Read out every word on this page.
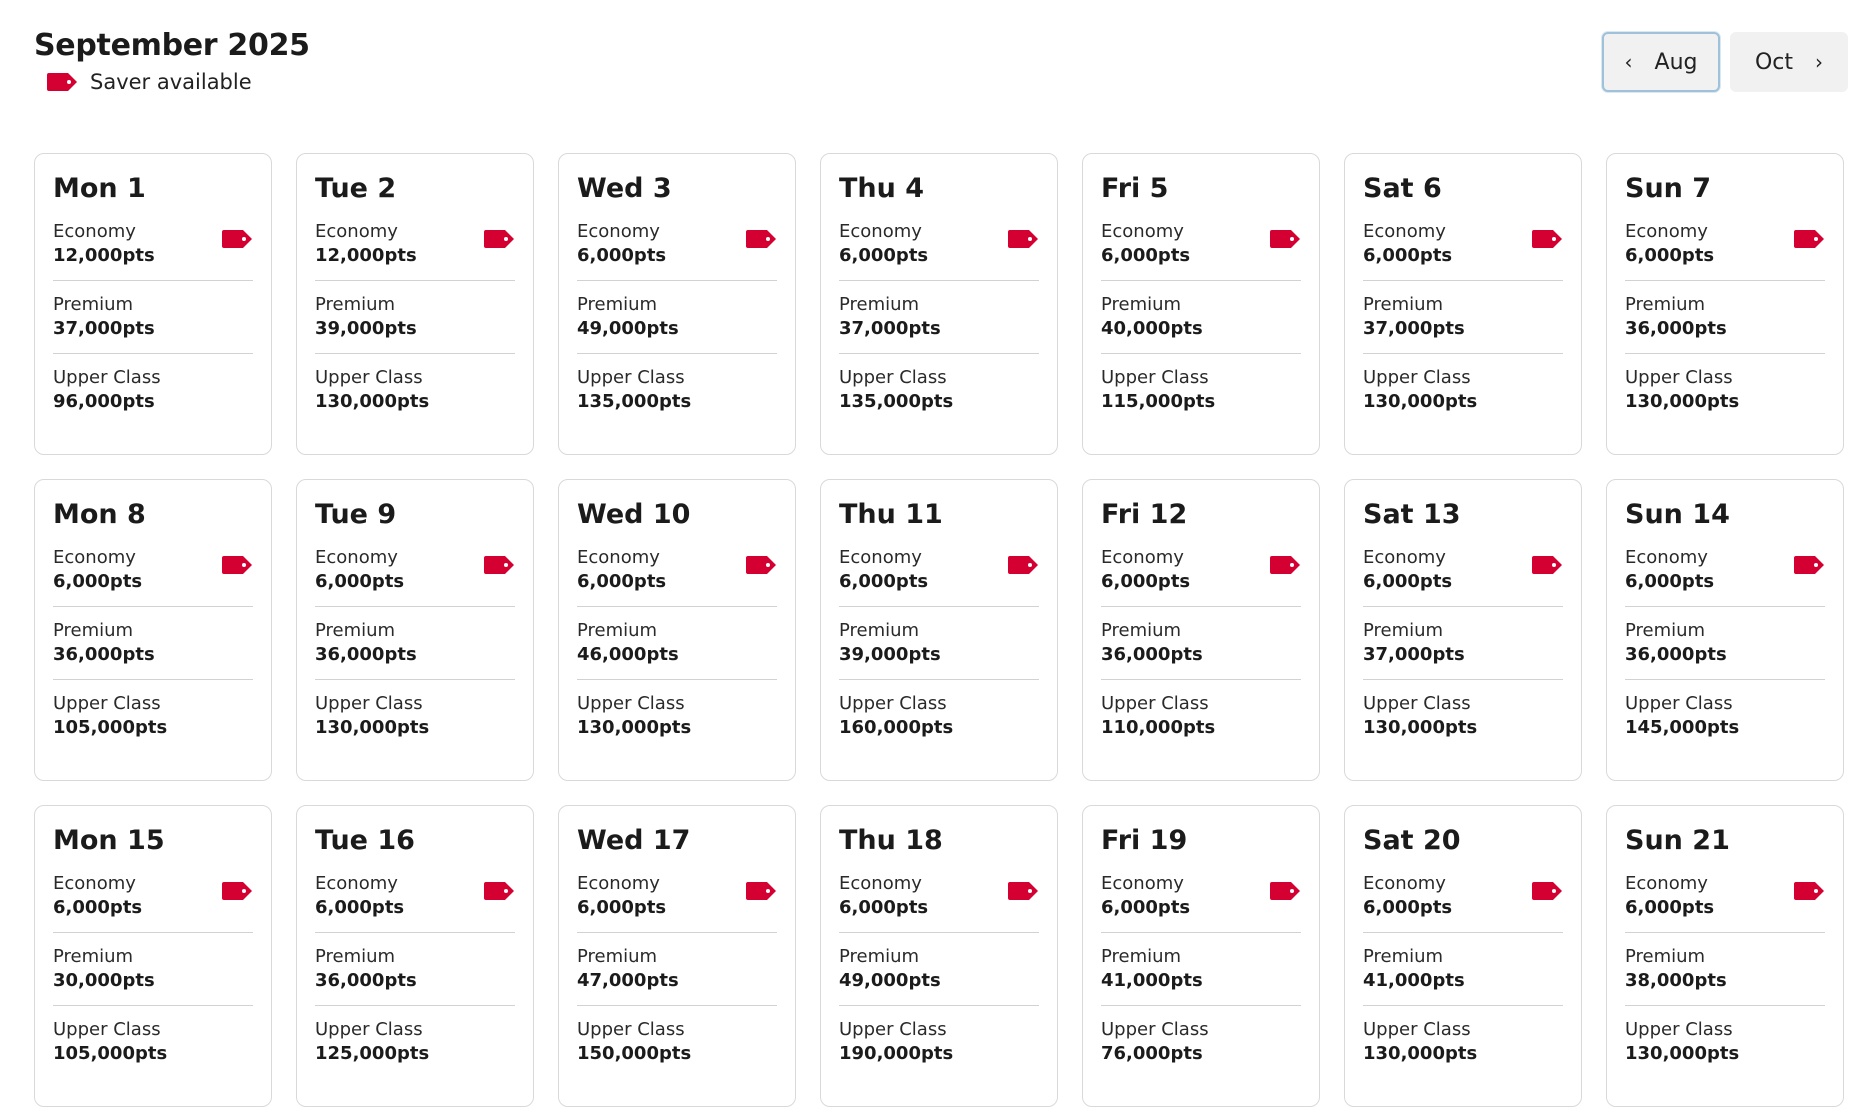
September 2025
Saver available
‹ Aug	Oct ›
Mon 1
Economy
12,000pts
Premium
37,000pts
Upper Class
96,000pts
Tue 2
Economy
12,000pts
Premium
39,000pts
Upper Class
130,000pts
Wed 3
Economy
6,000pts
Premium
49,000pts
Upper Class
135,000pts
Thu 4
Economy
6,000pts
Premium
37,000pts
Upper Class
135,000pts
Fri 5
Economy
6,000pts
Premium
40,000pts
Upper Class
115,000pts
Sat 6
Economy
6,000pts
Premium
37,000pts
Upper Class
130,000pts
Sun 7
Economy
6,000pts
Premium
36,000pts
Upper Class
130,000pts
Mon 8
Economy
6,000pts
Premium
36,000pts
Upper Class
105,000pts
Tue 9
Economy
6,000pts
Premium
36,000pts
Upper Class
130,000pts
Wed 10
Economy
6,000pts
Premium
46,000pts
Upper Class
130,000pts
Thu 11
Economy
6,000pts
Premium
39,000pts
Upper Class
160,000pts
Fri 12
Economy
6,000pts
Premium
36,000pts
Upper Class
110,000pts
Sat 13
Economy
6,000pts
Premium
37,000pts
Upper Class
130,000pts
Sun 14
Economy
6,000pts
Premium
36,000pts
Upper Class
145,000pts
Mon 15
Economy
6,000pts
Premium
30,000pts
Upper Class
105,000pts
Tue 16
Economy
6,000pts
Premium
36,000pts
Upper Class
125,000pts
Wed 17
Economy
6,000pts
Premium
47,000pts
Upper Class
150,000pts
Thu 18
Economy
6,000pts
Premium
49,000pts
Upper Class
190,000pts
Fri 19
Economy
6,000pts
Premium
41,000pts
Upper Class
76,000pts
Sat 20
Economy
6,000pts
Premium
41,000pts
Upper Class
130,000pts
Sun 21
Economy
6,000pts
Premium
38,000pts
Upper Class
130,000pts
